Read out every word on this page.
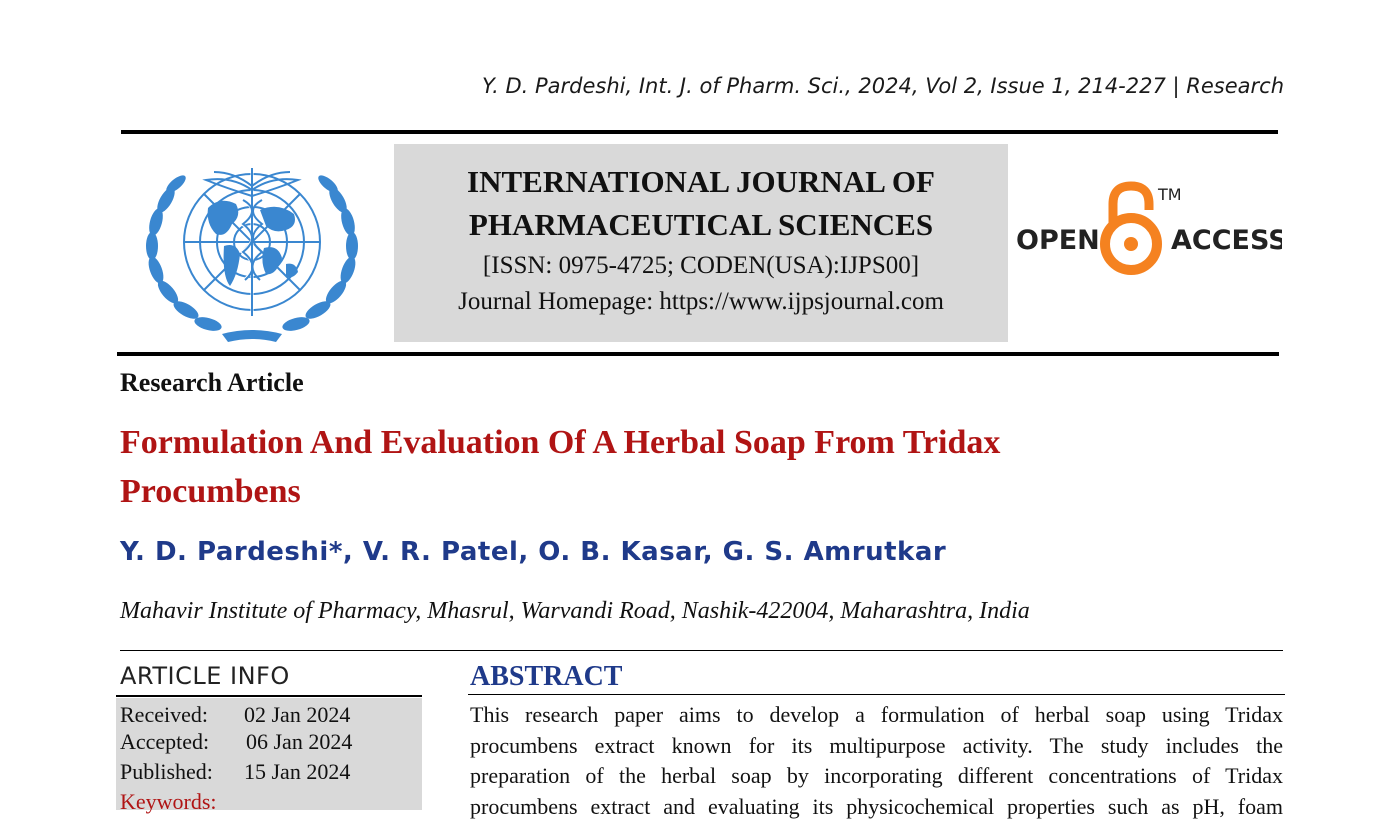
Y. D. Pardeshi, Int. J. of Pharm. Sci., 2024, Vol 2, Issue 1, 214-227 | Research
INTERNATIONAL JOURNAL OF
PHARMACEUTICAL SCIENCES
[ISSN: 0975-4725; CODEN(USA):IJPS00]
Journal Homepage: https://www.ijpsjournal.com
OPEN	ACCESS
TM
Research Article
Formulation And Evaluation Of A Herbal Soap From Tridax Procumbens
Y. D. Pardeshi*, V. R. Patel, O. B. Kasar, G. S. Amrutkar
Mahavir Institute of Pharmacy, Mhasrul, Warvandi Road, Nashik-422004, Maharashtra, India
ARTICLE INFO
Received: 02 Jan 2024
Accepted: 06 Jan 2024
Published: 15 Jan 2024
Keywords:
ABSTRACT

This research paper aims to develop a formulation of herbal soap using Tridax

procumbens extract known for its multipurpose activity. The study includes the

preparation of the herbal soap by incorporating different concentrations of Tridax

procumbens extract and evaluating its physicochemical properties such as pH, foam
